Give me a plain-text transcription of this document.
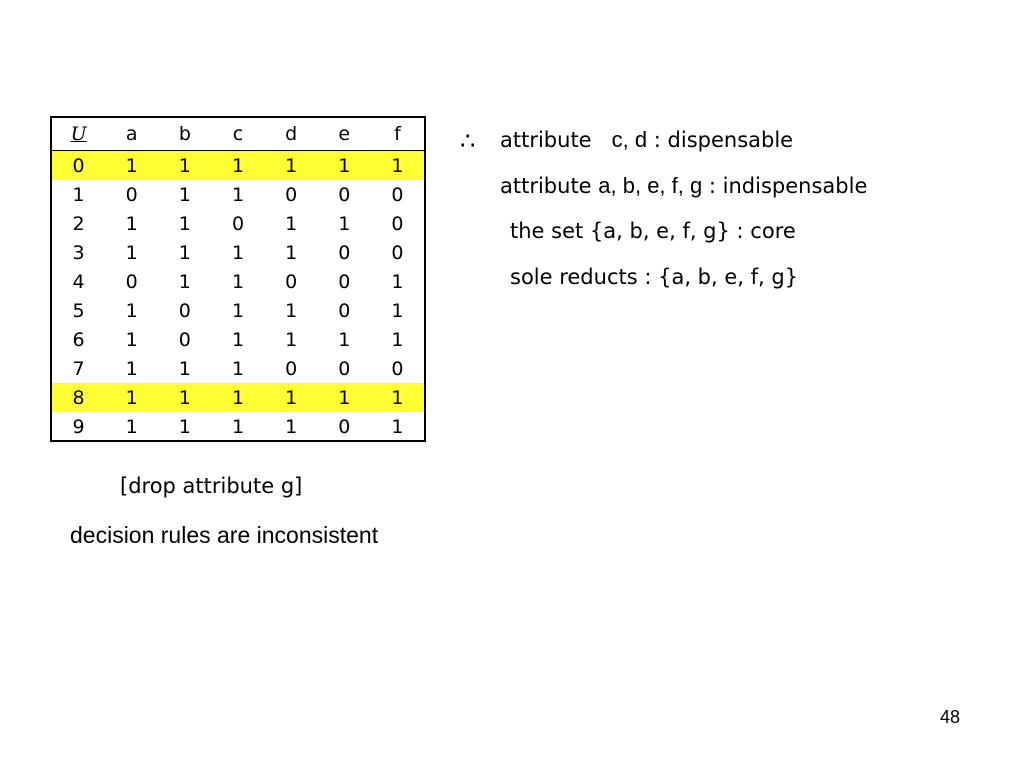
U	a	b	c	d	e	f
0	1	1	1	1	1	1
1	0	1	1	0	0	0
2	1	1	0	1	1	0
3	1	1	1	1	0	0
4	0	1	1	0	0	1
5	1	0	1	1	0	1
6	1	0	1	1	1	1
7	1	1	1	0	0	0
8	1	1	1	1	1	1
9	1	1	1	1	0	1
[drop attribute g]
decision rules are inconsistent
∴ attribute c, d : dispensable
attribute a, b, e, f, g : indispensable
the set {a, b, e, f, g} : core
sole reducts : {a, b, e, f, g}
48
